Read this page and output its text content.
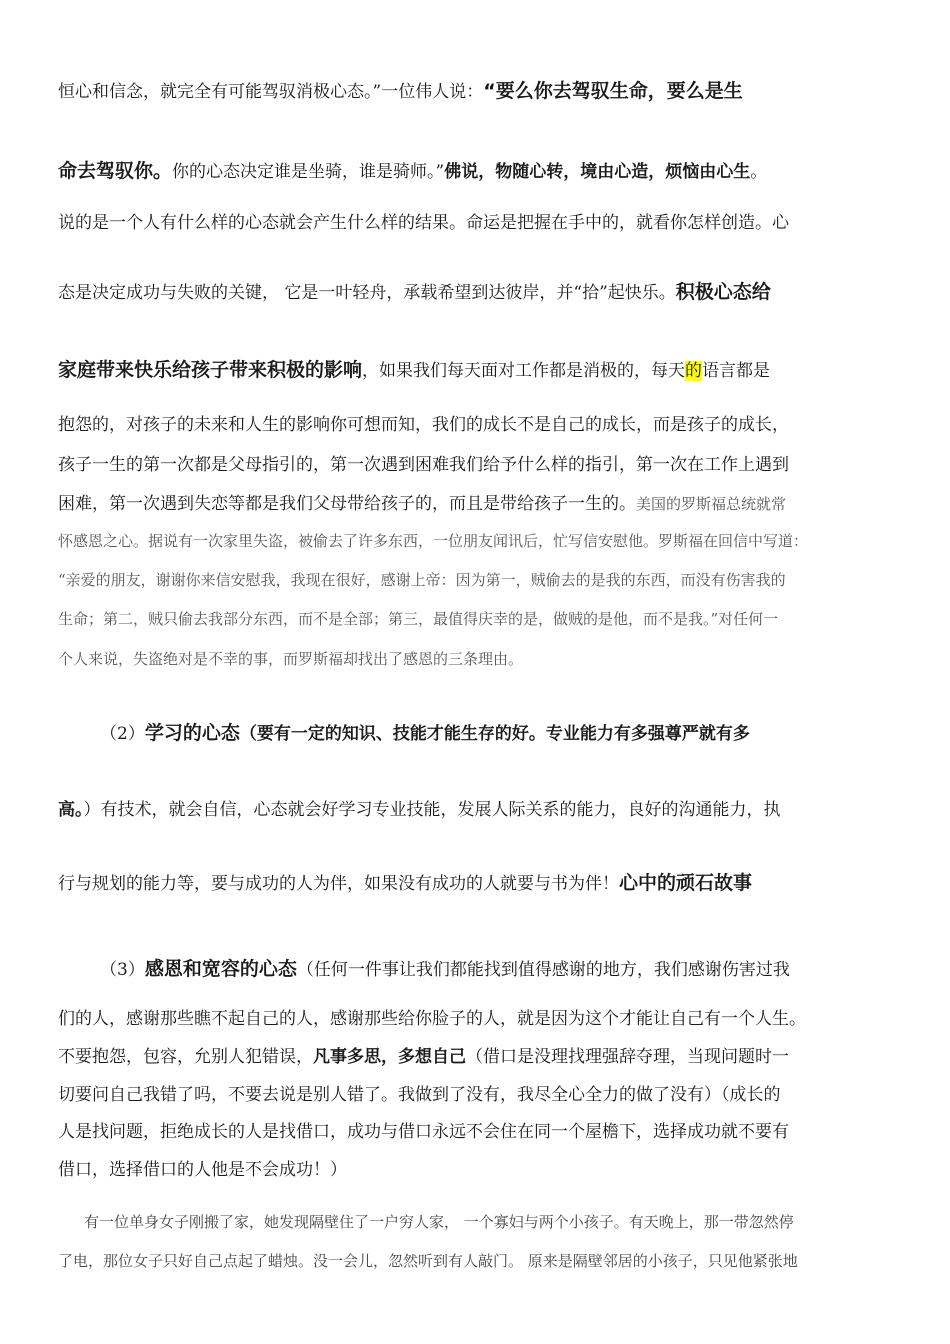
恒心和信念，就完全有可能驾驭消极心态。”一位伟人说：“要么你去驾驭生命，要么是生
命去驾驭你。你的心态决定谁是坐骑，谁是骑师。”佛说，物随心转，境由心造，烦恼由心生。
说的是一个人有什么样的心态就会产生什么样的结果。命运是把握在手中的，就看你怎样创造。心
态是决定成功与失败的关键， 它是一叶轻舟，承载希望到达彼岸，并“拾”起快乐。积极心态给
家庭带来快乐给孩子带来积极的影响，如果我们每天面对工作都是消极的，每天的语言都是
抱怨的，对孩子的未来和人生的影响你可想而知，我们的成长不是自己的成长，而是孩子的成长，
孩子一生的第一次都是父母指引的，第一次遇到困难我们给予什么样的指引，第一次在工作上遇到
困难，第一次遇到失恋等都是我们父母带给孩子的，而且是带给孩子一生的。美国的罗斯福总统就常
怀感恩之心。据说有一次家里失盗，被偷去了许多东西，一位朋友闻讯后，忙写信安慰他。罗斯福在回信中写道：
“亲爱的朋友，谢谢你来信安慰我，我现在很好，感谢上帝：因为第一，贼偷去的是我的东西，而没有伤害我的
生命；第二，贼只偷去我部分东西，而不是全部；第三，最值得庆幸的是，做贼的是他，而不是我。”对任何一
个人来说，失盗绝对是不幸的事，而罗斯福却找出了感恩的三条理由。
（2）学习的心态（要有一定的知识、技能才能生存的好。专业能力有多强尊严就有多
高。）有技术，就会自信，心态就会好学习专业技能，发展人际关系的能力，良好的沟通能力，执
行与规划的能力等，要与成功的人为伴，如果没有成功的人就要与书为伴！心中的顽石故事
（3）感恩和宽容的心态（任何一件事让我们都能找到值得感谢的地方，我们感谢伤害过我
们的人，感谢那些瞧不起自己的人，感谢那些给你脸子的人，就是因为这个才能让自己有一个人生。
不要抱怨，包容，允别人犯错误，凡事多思，多想自己（借口是没理找理强辞夺理，当现问题时一
切要问自己我错了吗，不要去说是别人错了。我做到了没有，我尽全心全力的做了没有）（成长的
人是找问题，拒绝成长的人是找借口，成功与借口永远不会住在同一个屋檐下，选择成功就不要有
借口，选择借口的人他是不会成功！）
有一位单身女子刚搬了家，她发现隔壁住了一户穷人家， 一个寡妇与两个小孩子。有天晚上，那一带忽然停
了电，那位女子只好自己点起了蜡烛。没一会儿，忽然听到有人敲门。 原来是隔壁邻居的小孩子，只见他紧张地
